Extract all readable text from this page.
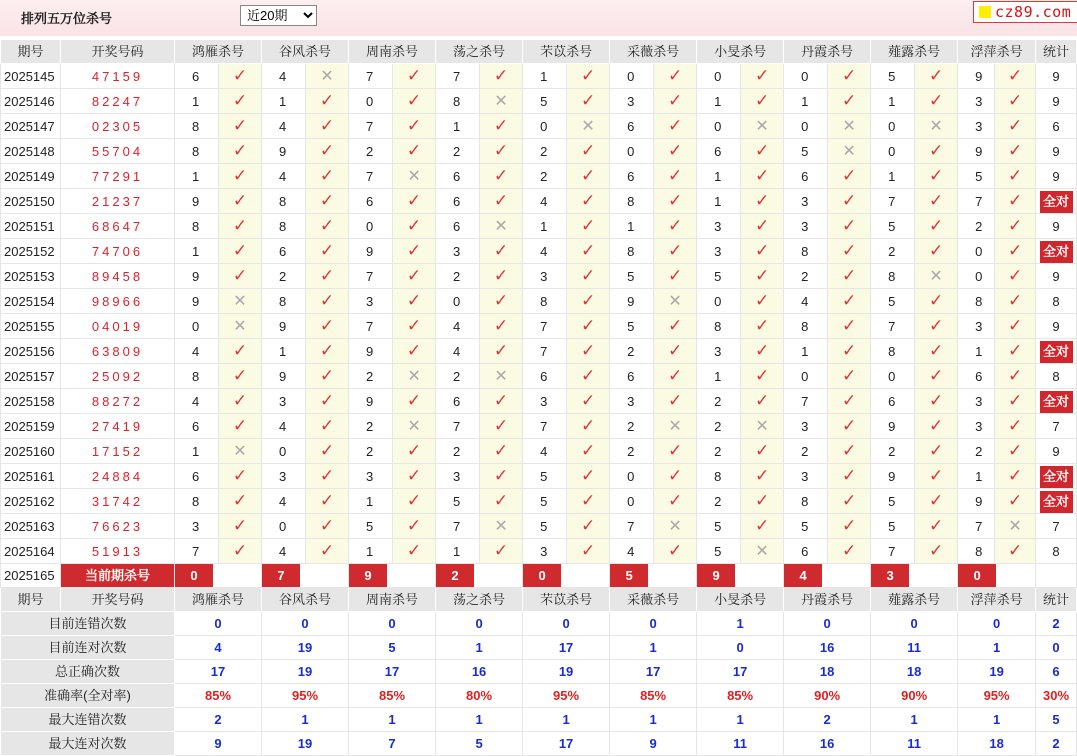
排列五万位杀号
近20期	cz89.com
期号	开奖号码	鸿雁杀号		谷风杀号		周南杀号		荡之杀号		芣苡杀号		采薇杀号		小旻杀号		丹霞杀号		薤露杀号		浮萍杀号		统计
2025145	47159	6	✓	4	✕	7	✓	7	✓	1	✓	0	✓	0	✓	0	✓	5	✓	9	✓	9
2025146	82247	1	✓	1	✓	0	✓	8	✕	5	✓	3	✓	1	✓	1	✓	1	✓	3	✓	9
2025147	02305	8	✓	4	✓	7	✓	1	✓	0	✕	6	✓	0	✕	0	✕	0	✕	3	✓	6
2025148	55704	8	✓	9	✓	2	✓	2	✓	2	✓	0	✓	6	✓	5	✕	0	✓	9	✓	9
2025149	77291	1	✓	4	✓	7	✕	6	✓	2	✓	6	✓	1	✓	6	✓	1	✓	5	✓	9
2025150	21237	9	✓	8	✓	6	✓	6	✓	4	✓	8	✓	1	✓	3	✓	7	✓	7	✓	全对
2025151	68647	8	✓	8	✓	0	✓	6	✕	1	✓	1	✓	3	✓	3	✓	5	✓	2	✓	9
2025152	74706	1	✓	6	✓	9	✓	3	✓	4	✓	8	✓	3	✓	8	✓	2	✓	0	✓	全对
2025153	89458	9	✓	2	✓	7	✓	2	✓	3	✓	5	✓	5	✓	2	✓	8	✕	0	✓	9
2025154	98966	9	✕	8	✓	3	✓	0	✓	8	✓	9	✕	0	✓	4	✓	5	✓	8	✓	8
2025155	04019	0	✕	9	✓	7	✓	4	✓	7	✓	5	✓	8	✓	8	✓	7	✓	3	✓	9
2025156	63809	4	✓	1	✓	9	✓	4	✓	7	✓	2	✓	3	✓	1	✓	8	✓	1	✓	全对
2025157	25092	8	✓	9	✓	2	✕	2	✕	6	✓	6	✓	1	✓	0	✓	0	✓	6	✓	8
2025158	88272	4	✓	3	✓	9	✓	6	✓	3	✓	3	✓	2	✓	7	✓	6	✓	3	✓	全对
2025159	27419	6	✓	4	✓	2	✕	7	✓	7	✓	2	✕	2	✕	3	✓	9	✓	3	✓	7
2025160	17152	1	✕	0	✓	2	✓	2	✓	4	✓	2	✓	2	✓	2	✓	2	✓	2	✓	9
2025161	24884	6	✓	3	✓	3	✓	3	✓	5	✓	0	✓	8	✓	3	✓	9	✓	1	✓	全对
2025162	31742	8	✓	4	✓	1	✓	5	✓	5	✓	0	✓	2	✓	8	✓	5	✓	9	✓	全对
2025163	76623	3	✓	0	✓	5	✓	7	✕	5	✓	7	✕	5	✓	5	✓	5	✓	7	✕	7
2025164	51913	7	✓	4	✓	1	✓	1	✓	3	✓	4	✓	5	✕	6	✓	7	✓	8	✓	8
2025165	当前期杀号	0		7		9		2		0		5		9		4		3		0		
期号	开奖号码	鸿雁杀号		谷风杀号		周南杀号		荡之杀号		芣苡杀号		采薇杀号		小旻杀号		丹霞杀号		薤露杀号		浮萍杀号		统计
目前连错次数		0		0		0		0		0		0		1		0		0		0		2
目前连对次数		4		19		5		1		17		1		0		16		11		1		0
总正确次数		17		19		17		16		19		17		17		18		18		19		6
准确率(全对率)		85%		95%		85%		80%		95%		85%		85%		90%		90%		95%		30%
最大连错次数		2		1		1		1		1		1		1		2		1		1		5
最大连对次数		9		19		7		5		17		9		11		16		11		18		2
